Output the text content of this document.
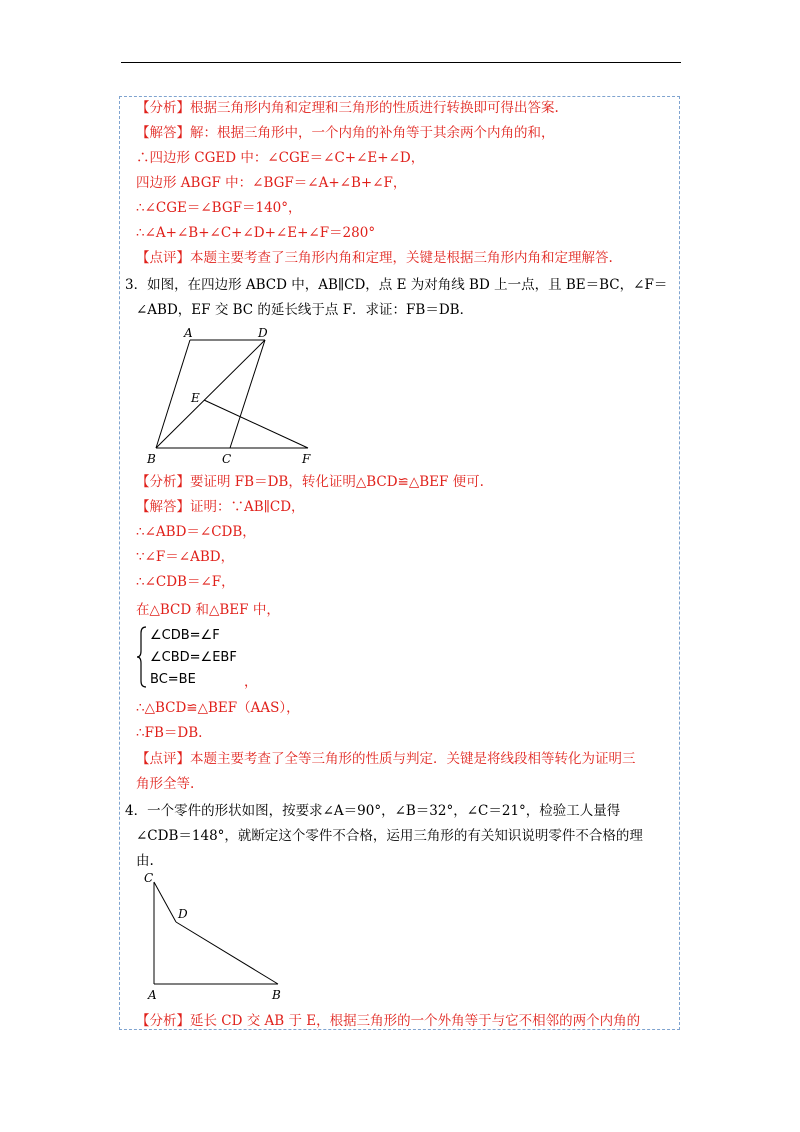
【分析】根据三角形内角和定理和三角形的性质进行转换即可得出答案.
【解答】解：根据三角形中，一个内角的补角等于其余两个内角的和，
∴四边形 CGED 中：∠CGE＝∠C+∠E+∠D，
四边形 ABGF 中：∠BGF＝∠A+∠B+∠F，
∴∠CGE＝∠BGF＝140°，
∴∠A+∠B+∠C+∠D+∠E+∠F＝280°
【点评】本题主要考查了三角形内角和定理，关键是根据三角形内角和定理解答.
3．如图，在四边形 ABCD 中，AB∥CD，点 E 为对角线 BD 上一点，且 BE＝BC，∠F＝
∠ABD，EF 交 BC 的延长线于点 F．求证：FB＝DB．
A	D
E
B	C	F
【分析】要证明 FB＝DB，转化证明△BCD≌△BEF 便可.
【解答】证明：∵AB∥CD，
∴∠ABD＝∠CDB，
∵∠F＝∠ABD，
∴∠CDB＝∠F，
在△BCD 和△BEF 中，
∠CDB=∠F
∠CBD=∠EBF
BC=BE	，
∴△BCD≌△BEF（AAS），
∴FB＝DB.
【点评】本题主要考查了全等三角形的性质与判定．关键是将线段相等转化为证明三
角形全等.
4．一个零件的形状如图，按要求∠A＝90°，∠B＝32°，∠C＝21°，检验工人量得
∠CDB＝148°，就断定这个零件不合格，运用三角形的有关知识说明零件不合格的理
由.
C
D
A	B
【分析】延长 CD 交 AB 于 E，根据三角形的一个外角等于与它不相邻的两个内角的
